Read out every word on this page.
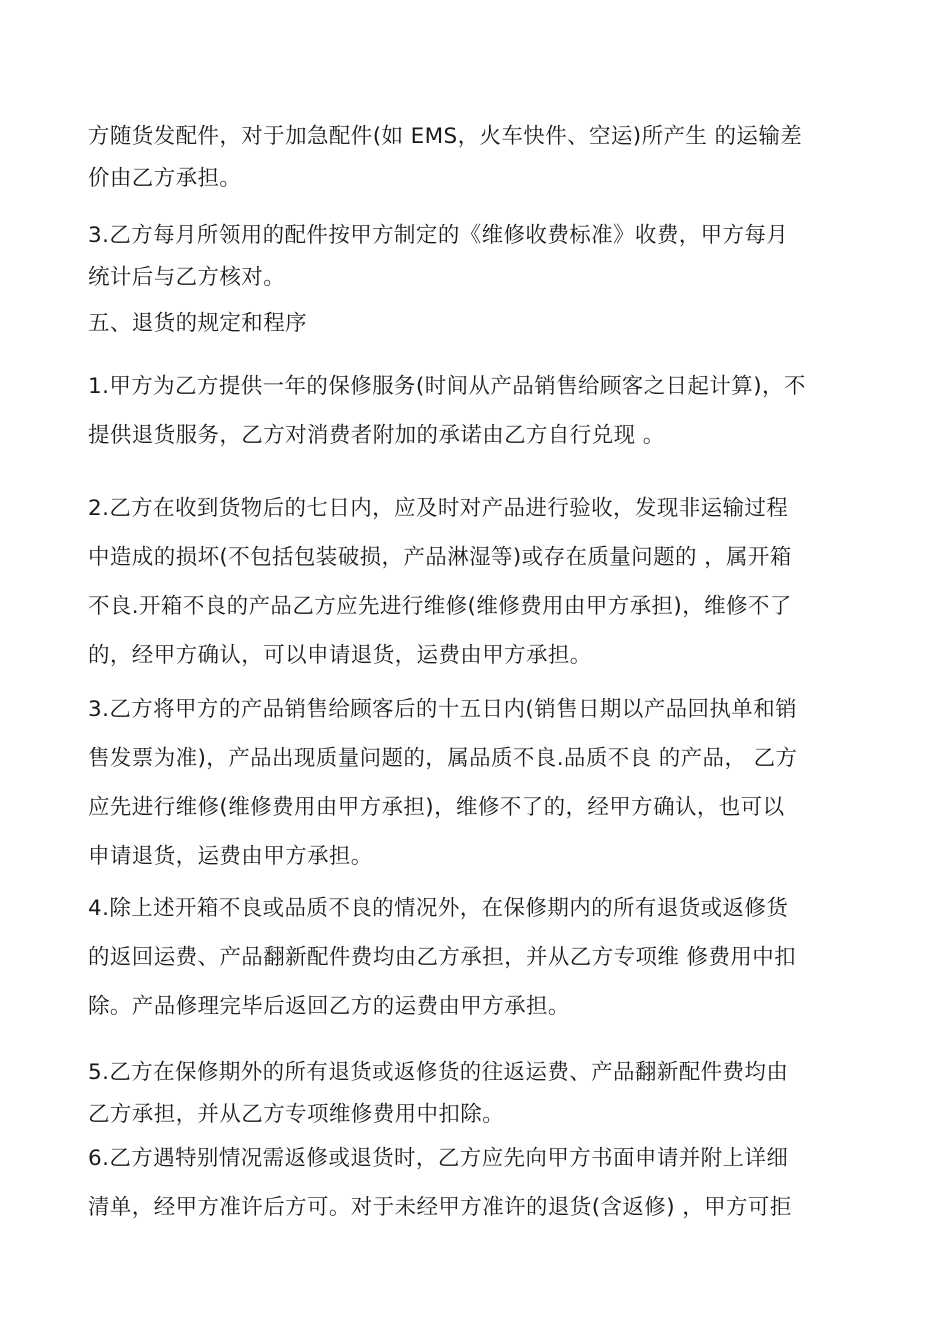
方随货发配件，对于加急配件(如 EMS，火车快件、空运)所产生 的运输差
价由乙方承担。
3.乙方每月所领用的配件按甲方制定的《维修收费标准》收费，甲方每月
统计后与乙方核对。
五、退货的规定和程序
1.甲方为乙方提供一年的保修服务(时间从产品销售给顾客之日起计算)，不
提供退货服务，乙方对消费者附加的承诺由乙方自行兑现 。
2.乙方在收到货物后的七日内，应及时对产品进行验收，发现非运输过程
中造成的损坏(不包括包装破损，产品淋湿等)或存在质量问题的 ，属开箱
不良.开箱不良的产品乙方应先进行维修(维修费用由甲方承担)，维修不了
的，经甲方确认，可以申请退货，运费由甲方承担。
3.乙方将甲方的产品销售给顾客后的十五日内(销售日期以产品回执单和销
售发票为准)，产品出现质量问题的，属品质不良.品质不良 的产品， 乙方
应先进行维修(维修费用由甲方承担)，维修不了的，经甲方确认，也可以
申请退货，运费由甲方承担。
4.除上述开箱不良或品质不良的情况外，在保修期内的所有退货或返修货
的返回运费、产品翻新配件费均由乙方承担，并从乙方专项维 修费用中扣
除。产品修理完毕后返回乙方的运费由甲方承担。
5.乙方在保修期外的所有退货或返修货的往返运费、产品翻新配件费均由
乙方承担，并从乙方专项维修费用中扣除。
6.乙方遇特别情况需返修或退货时，乙方应先向甲方书面申请并附上详细
清单，经甲方准许后方可。对于未经甲方准许的退货(含返修) ，甲方可拒
